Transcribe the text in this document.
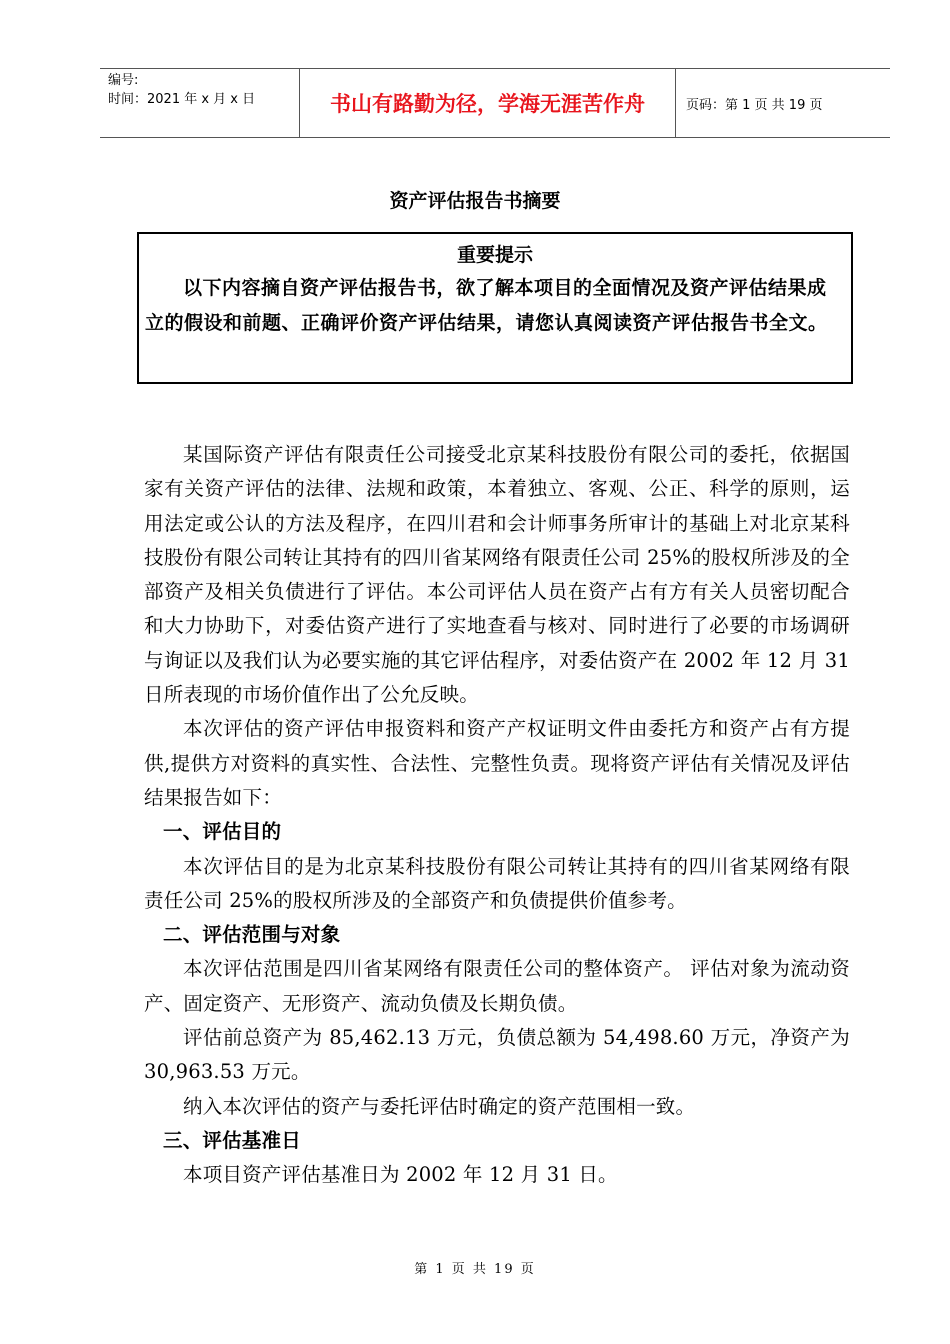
编号:
时间：2021 年 x 月 x 日	书山有路勤为径，学海无涯苦作舟	页码：第 1 页 共 19 页
资产评估报告书摘要
重要提示
以下内容摘自资产评估报告书，欲了解本项目的全面情况及资产评估结果成立的假设和前题、正确评价资产评估结果，请您认真阅读资产评估报告书全文。

某国际资产评估有限责任公司接受北京某科技股份有限公司的委托，依据国家有关资产评估的法律、法规和政策，本着独立、客观、公正、科学的原则，运用法定或公认的方法及程序，在四川君和会计师事务所审计的基础上对北京某科技股份有限公司转让其持有的四川省某网络有限责任公司 25%的股权所涉及的全部资产及相关负债进行了评估。本公司评估人员在资产占有方有关人员密切配合和大力协助下，对委估资产进行了实地查看与核对、同时进行了必要的市场调研与询证以及我们认为必要实施的其它评估程序，对委估资产在 2002 年 12 月 31 日所表现的市场价值作出了公允反映。

本次评估的资产评估申报资料和资产产权证明文件由委托方和资产占有方提供,提供方对资料的真实性、合法性、完整性负责。现将资产评估有关情况及评估结果报告如下：

一、评估目的

本次评估目的是为北京某科技股份有限公司转让其持有的四川省某网络有限责任公司 25%的股权所涉及的全部资产和负债提供价值参考。

二、评估范围与对象

本次评估范围是四川省某网络有限责任公司的整体资产。 评估对象为流动资产、固定资产、无形资产、流动负债及长期负债。

评估前总资产为 85,462.13 万元，负债总额为 54,498.60 万元，净资产为 30,963.53 万元。

纳入本次评估的资产与委托评估时确定的资产范围相一致。

三、评估基准日

本项目资产评估基准日为 2002 年 12 月 31 日。

第 1 页 共 19 页
